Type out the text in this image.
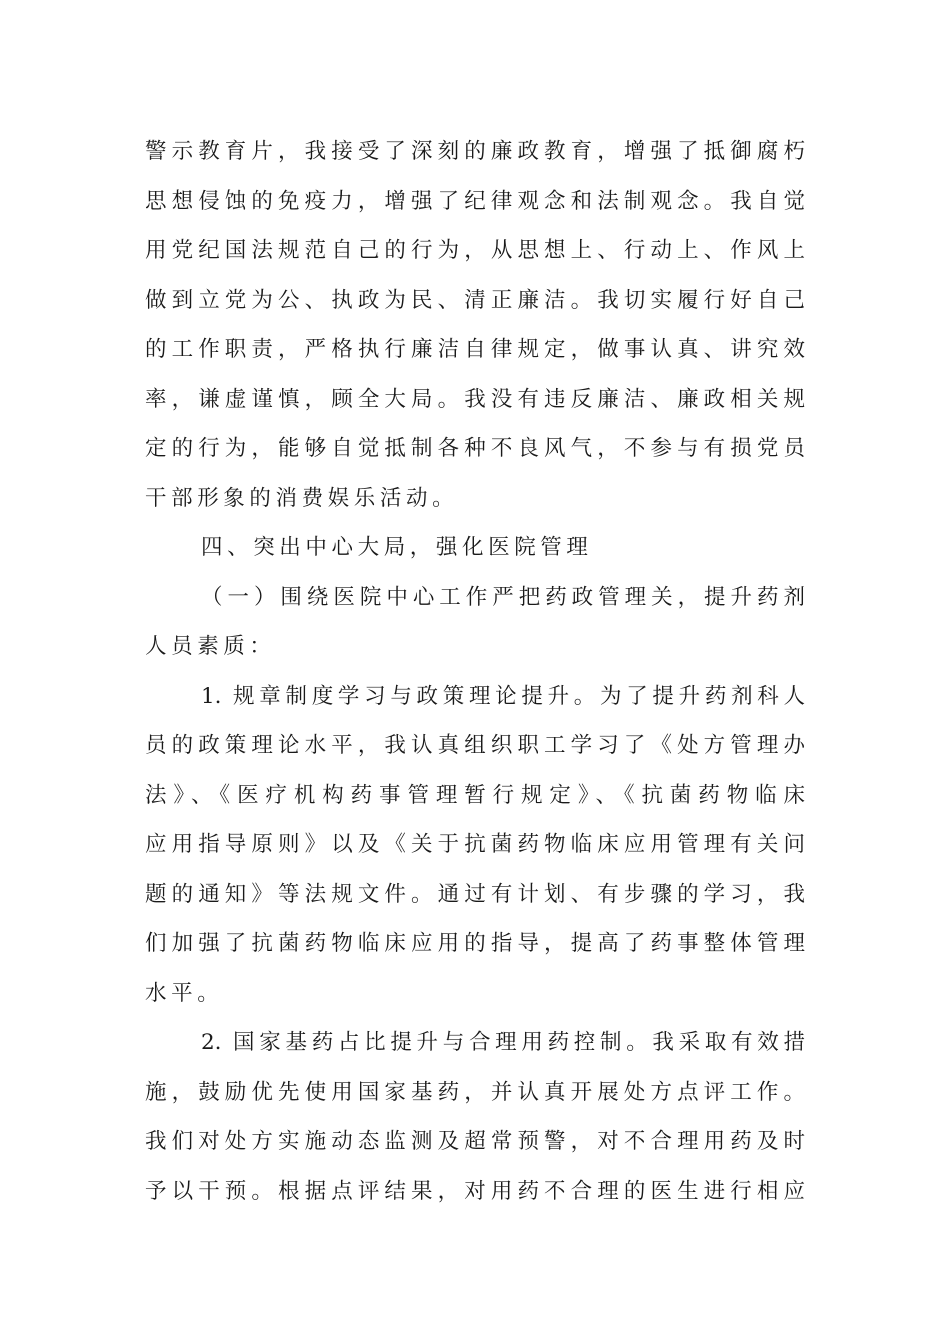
警示教育片，我接受了深刻的廉政教育，增强了抵御腐朽
思想侵蚀的免疫力，增强了纪律观念和法制观念。我自觉
用党纪国法规范自己的行为，从思想上、行动上、作风上
做到立党为公、执政为民、清正廉洁。我切实履行好自己
的工作职责，严格执行廉洁自律规定，做事认真、讲究效
率，谦虚谨慎，顾全大局。我没有违反廉洁、廉政相关规
定的行为，能够自觉抵制各种不良风气，不参与有损党员
干部形象的消费娱乐活动。
四、突出中心大局，强化医院管理
（一）围绕医院中心工作严把药政管理关，提升药剂
人员素质：
1. 规章制度学习与政策理论提升。为了提升药剂科人
员的政策理论水平，我认真组织职工学习了《处方管理办
法》、《医疗机构药事管理暂行规定》、《抗菌药物临床
应用指导原则》以及《关于抗菌药物临床应用管理有关问
题的通知》等法规文件。通过有计划、有步骤的学习，我
们加强了抗菌药物临床应用的指导，提高了药事整体管理
水平。
2. 国家基药占比提升与合理用药控制。我采取有效措
施，鼓励优先使用国家基药，并认真开展处方点评工作。
我们对处方实施动态监测及超常预警，对不合理用药及时
予以干预。根据点评结果，对用药不合理的医生进行相应
